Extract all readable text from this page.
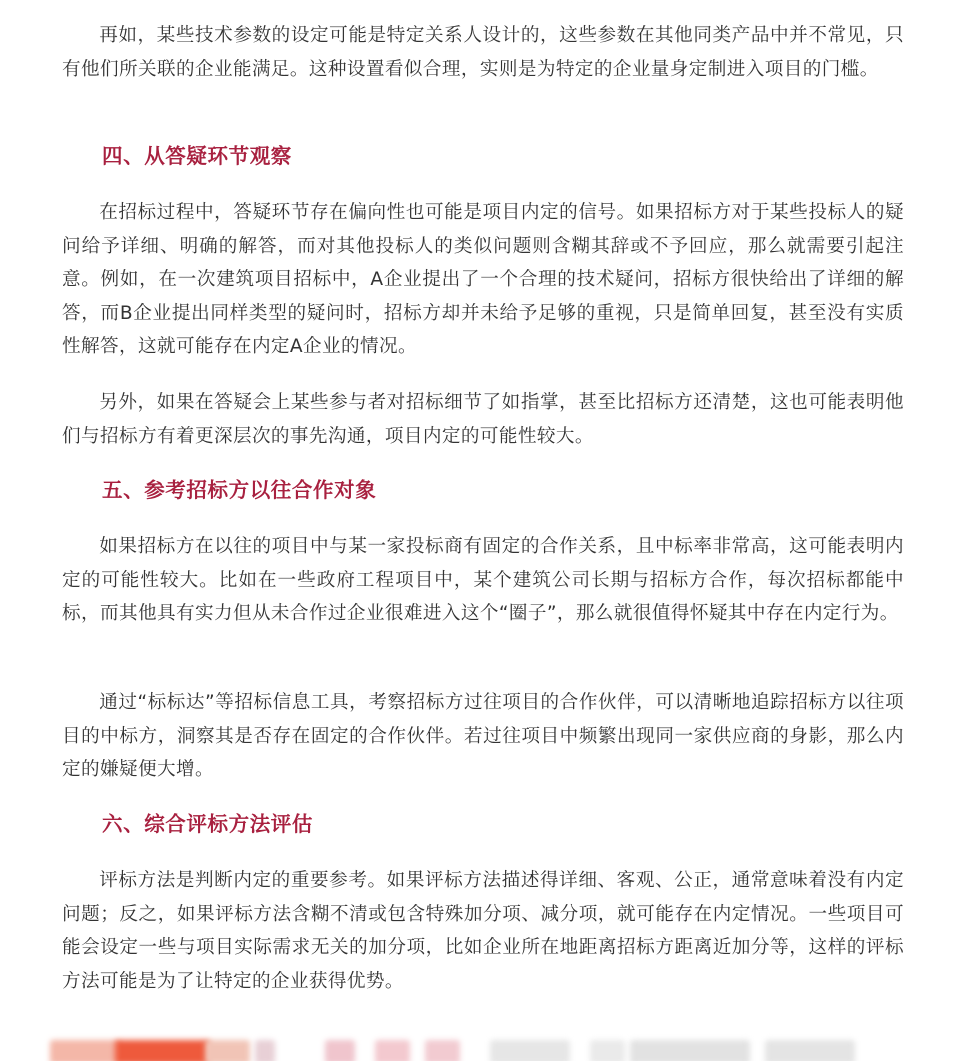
再如，某些技术参数的设定可能是特定关系人设计的，这些参数在其他同类产品中并不常见，只有他们所关联的企业能满足。这种设置看似合理，实则是为特定的企业量身定制进入项目的门槛。

四、从答疑环节观察

在招标过程中，答疑环节存在偏向性也可能是项目内定的信号。如果招标方对于某些投标人的疑问给予详细、明确的解答，而对其他投标人的类似问题则含糊其辞或不予回应，那么就需要引起注意。例如，在一次建筑项目招标中，A企业提出了一个合理的技术疑问，招标方很快给出了详细的解答，而B企业提出同样类型的疑问时，招标方却并未给予足够的重视，只是简单回复，甚至没有实质性解答，这就可能存在内定A企业的情况。

另外，如果在答疑会上某些参与者对招标细节了如指掌，甚至比招标方还清楚，这也可能表明他们与招标方有着更深层次的事先沟通，项目内定的可能性较大。

五、参考招标方以往合作对象

如果招标方在以往的项目中与某一家投标商有固定的合作关系，且中标率非常高，这可能表明内定的可能性较大。比如在一些政府工程项目中，某个建筑公司长期与招标方合作，每次招标都能中标，而其他具有实力但从未合作过企业很难进入这个“圈子”，那么就很值得怀疑其中存在内定行为。

通过“标标达”等招标信息工具，考察招标方过往项目的合作伙伴，可以清晰地追踪招标方以往项目的中标方，洞察其是否存在固定的合作伙伴。若过往项目中频繁出现同一家供应商的身影，那么内定的嫌疑便大增。

六、综合评标方法评估

评标方法是判断内定的重要参考。如果评标方法描述得详细、客观、公正，通常意味着没有内定问题；反之，如果评标方法含糊不清或包含特殊加分项、减分项，就可能存在内定情况。一些项目可能会设定一些与项目实际需求无关的加分项，比如企业所在地距离招标方距离近加分等，这样的评标方法可能是为了让特定的企业获得优势。
